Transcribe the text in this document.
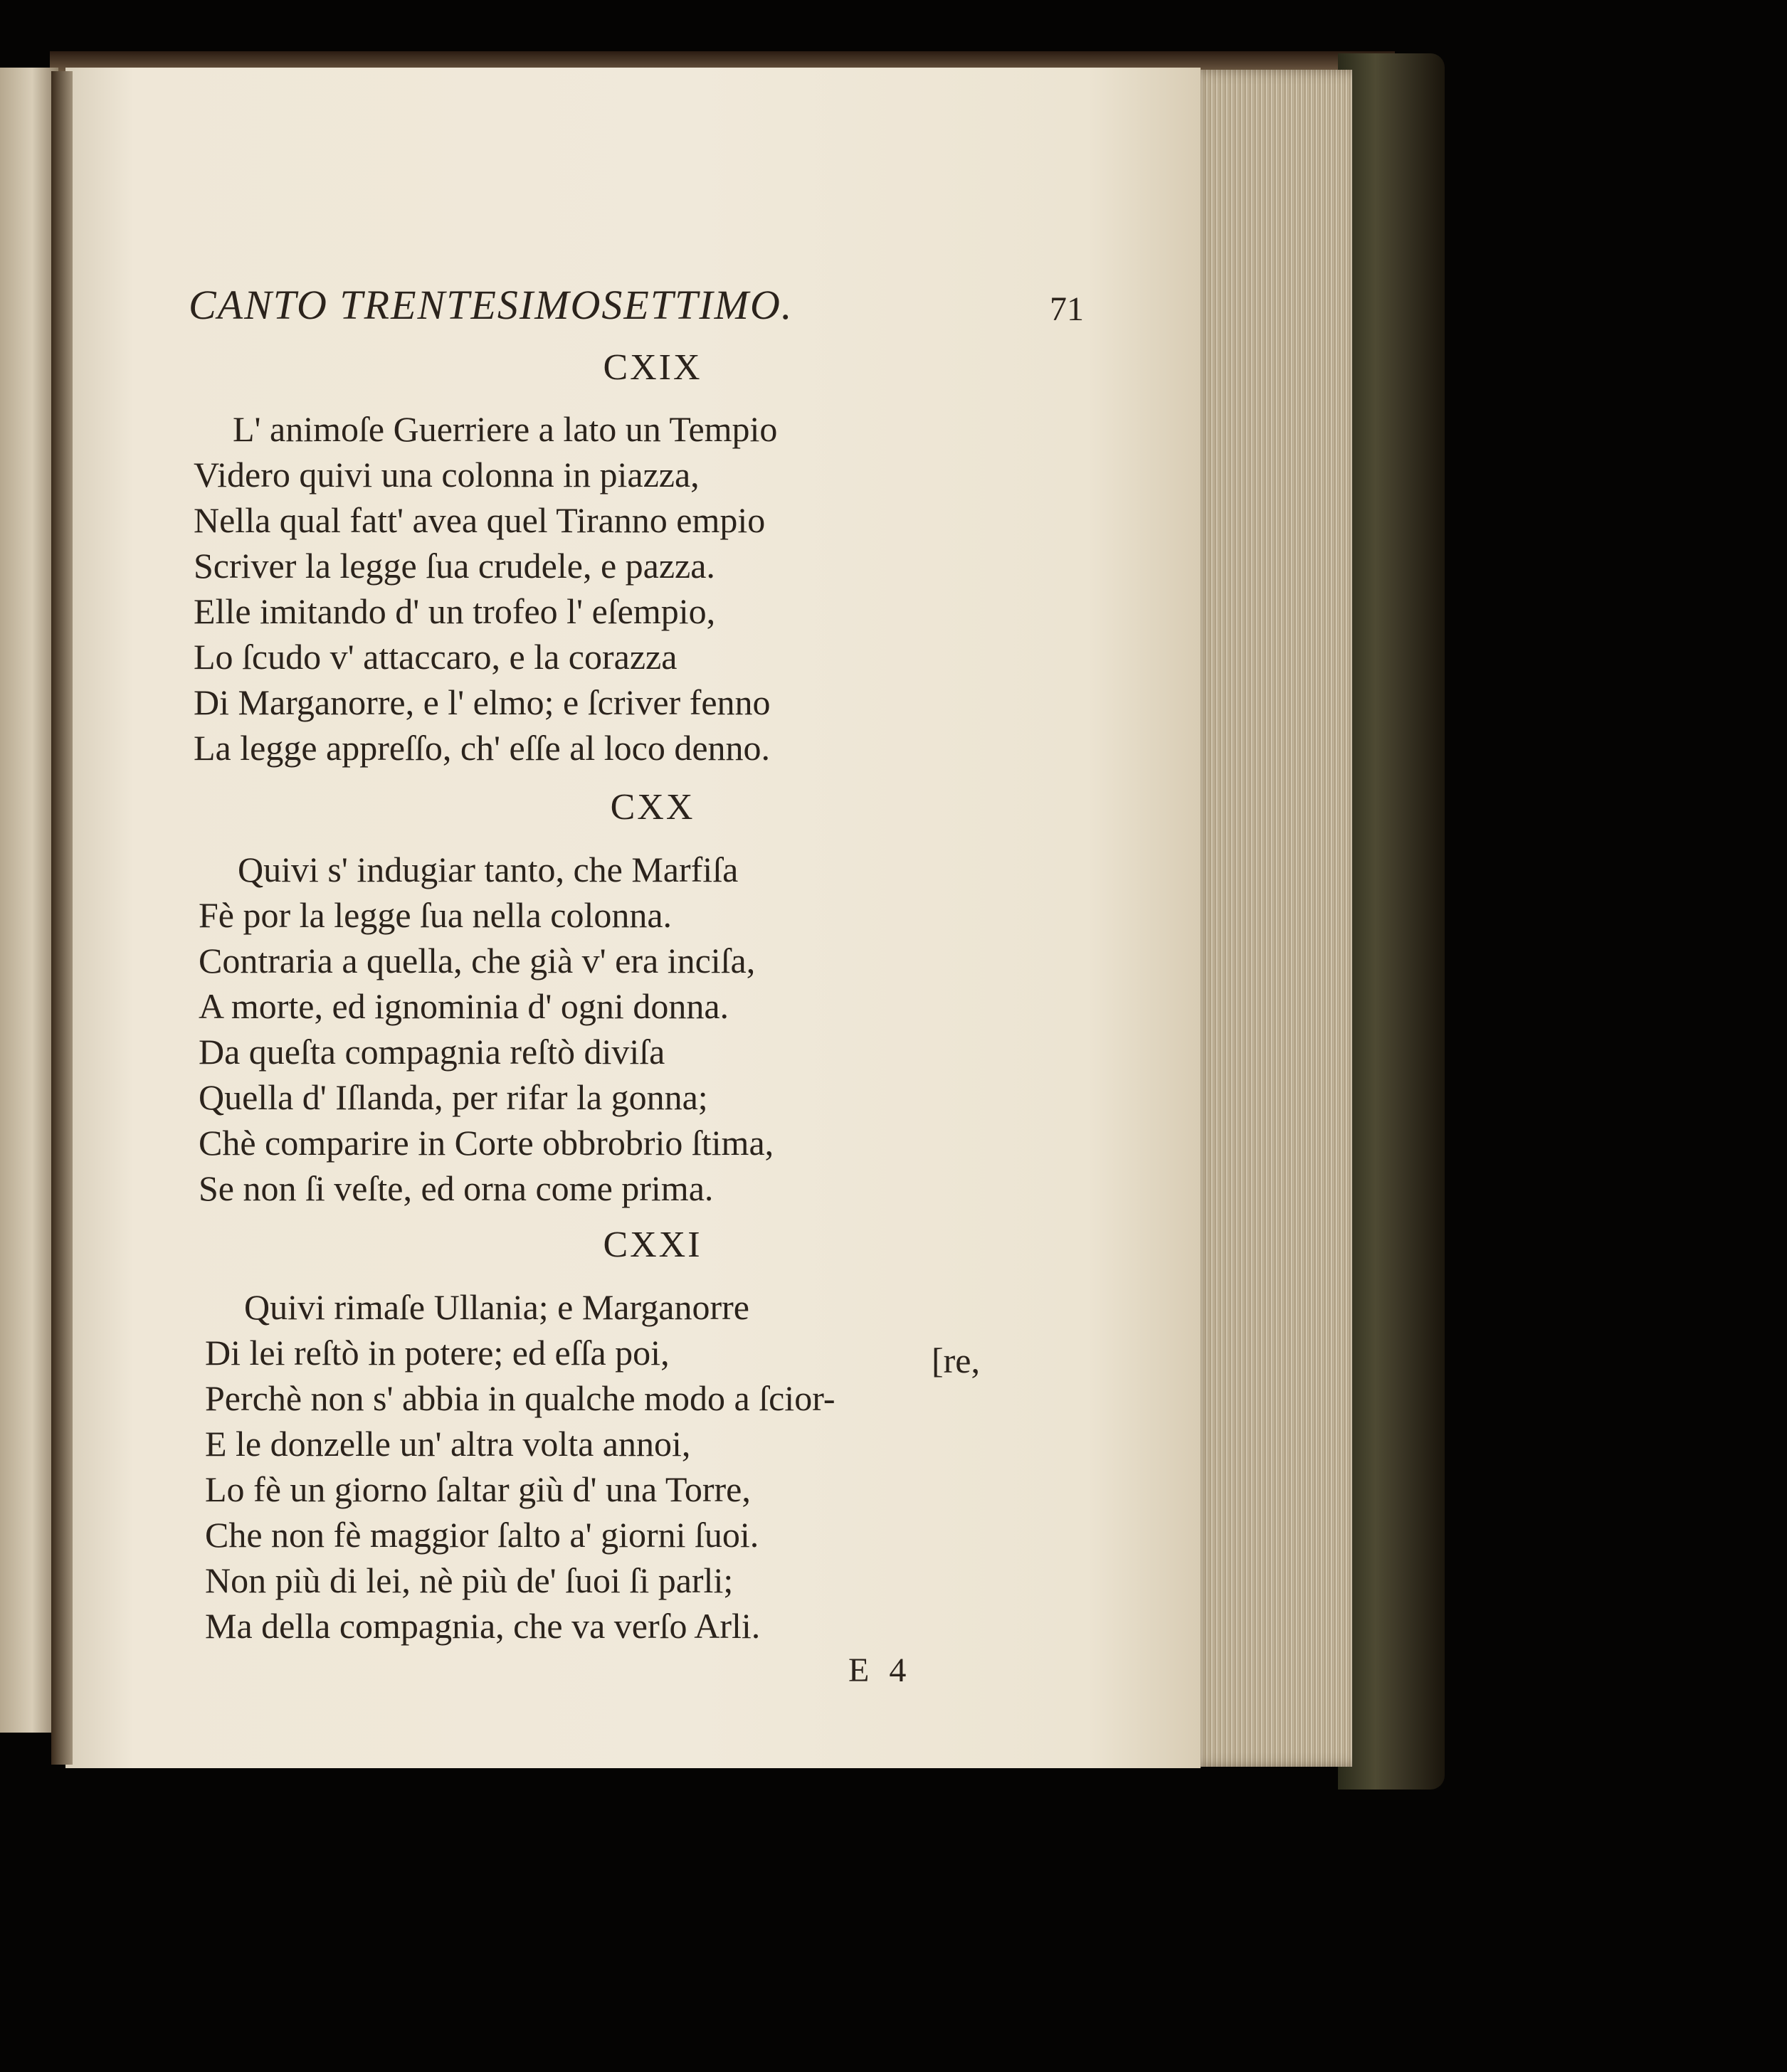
CANTO TRENTESIMOSETTIMO.	71
CXIX
L' animoſe Guerriere a lato un Tempio
Videro quivi una colonna in piazza,
Nella qual fatt' avea quel Tiranno empio
Scriver la legge ſua crudele, e pazza.
Elle imitando d' un trofeo l' eſempio,
Lo ſcudo v' attaccaro, e la corazza
Di Marganorre, e l' elmo; e ſcriver fenno
La legge appreſſo, ch' eſſe al loco denno.
CXX
Quivi s' indugiar tanto, che Marfiſa
Fè por la legge ſua nella colonna.
Contraria a quella, che già v' era inciſa,
A morte, ed ignominia d' ogni donna.
Da queſta compagnia reſtò diviſa
Quella d' Iſlanda, per rifar la gonna;
Chè comparire in Corte obbrobrio ſtima,
Se non ſi veſte, ed orna come prima.
CXXI
Quivi rimaſe Ullania; e Marganorre
Di lei reſtò in potere; ed eſſa poi,
Perchè non s' abbia in qualche modo a ſcior-
E le donzelle un' altra volta annoi,
Lo fè un giorno ſaltar giù d' una Torre,
Che non fè maggior ſalto a' giorni ſuoi.
Non più di lei, nè più de' ſuoi ſi parli;
Ma della compagnia, che va verſo Arli.
[re,
E 4
